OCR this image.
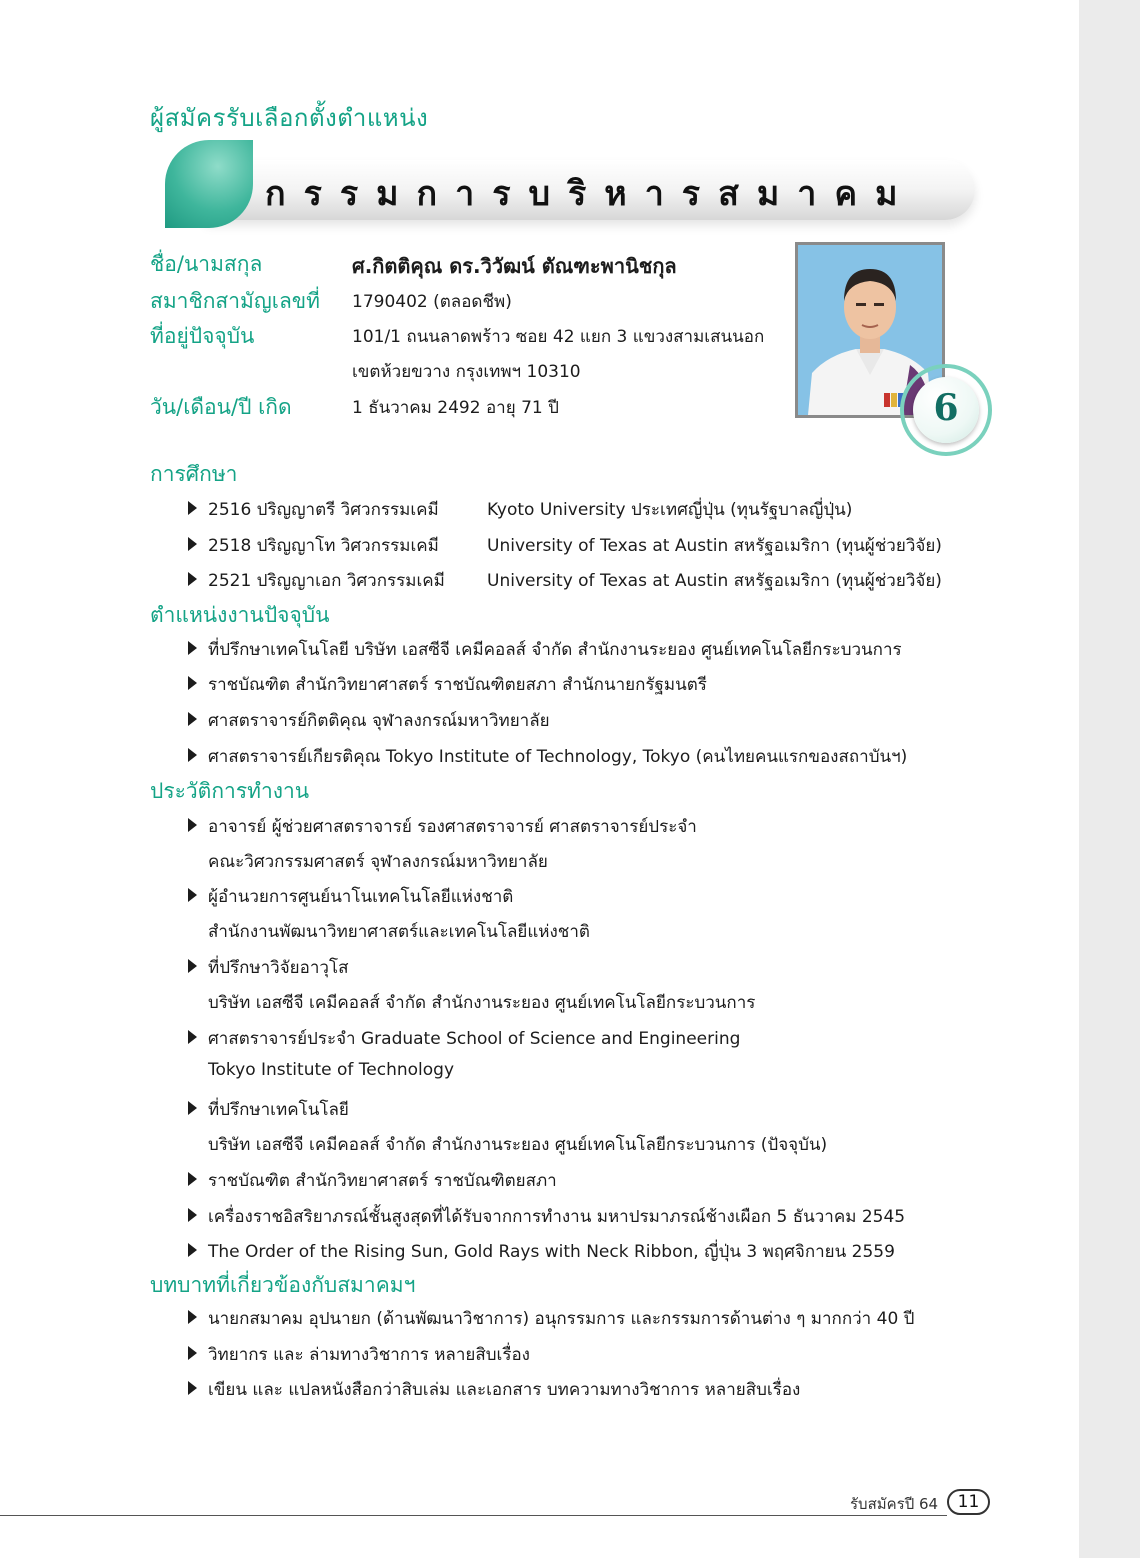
ผู้สมัครรับเลือกตั้งตำแหน่ง
กรรมการบริหารสมาคม
ชื่อ/นามสกุล	ศ.กิตติคุณ ดร.วิวัฒน์ ตัณฑะพานิชกุล
สมาชิกสามัญเลขที่ 1790402 (ตลอดชีพ)
ที่อยู่ปัจจุบัน	101/1 ถนนลาดพร้าว ซอย 42 แยก 3 แขวงสามเสนนอก
เขตห้วยขวาง กรุงเทพฯ 10310
วัน/เดือน/ปี เกิด	1 ธันวาคม 2492 อายุ 71 ปี	6
การศึกษา
2516 ปริญญาตรี วิศวกรรมเคมี	Kyoto University ประเทศญี่ปุ่น (ทุนรัฐบาลญี่ปุ่น)
2518 ปริญญาโท วิศวกรรมเคมี	University of Texas at Austin สหรัฐอเมริกา (ทุนผู้ช่วยวิจัย)
2521 ปริญญาเอก วิศวกรรมเคมี University of Texas at Austin สหรัฐอเมริกา (ทุนผู้ช่วยวิจัย)
ตำแหน่งงานปัจจุบัน
ที่ปรึกษาเทคโนโลยี บริษัท เอสซีจี เคมีคอลส์ จำกัด สำนักงานระยอง ศูนย์เทคโนโลยีกระบวนการ
ราชบัณฑิต สำนักวิทยาศาสตร์ ราชบัณฑิตยสภา สำนักนายกรัฐมนตรี
ศาสตราจารย์กิตติคุณ จุฬาลงกรณ์มหาวิทยาลัย
ศาสตราจารย์เกียรติคุณ Tokyo Institute of Technology, Tokyo (คนไทยคนแรกของสถาบันฯ)
ประวัติการทำงาน
อาจารย์ ผู้ช่วยศาสตราจารย์ รองศาสตราจารย์ ศาสตราจารย์ประจำ
คณะวิศวกรรมศาสตร์ จุฬาลงกรณ์มหาวิทยาลัย
ผู้อำนวยการศูนย์นาโนเทคโนโลยีแห่งชาติ
สำนักงานพัฒนาวิทยาศาสตร์และเทคโนโลยีแห่งชาติ
ที่ปรึกษาวิจัยอาวุโส
บริษัท เอสซีจี เคมีคอลส์ จำกัด สำนักงานระยอง ศูนย์เทคโนโลยีกระบวนการ
ศาสตราจารย์ประจำ Graduate School of Science and Engineering
Tokyo Institute of Technology
ที่ปรึกษาเทคโนโลยี
บริษัท เอสซีจี เคมีคอลส์ จำกัด สำนักงานระยอง ศูนย์เทคโนโลยีกระบวนการ (ปัจจุบัน)
ราชบัณฑิต สำนักวิทยาศาสตร์ ราชบัณฑิตยสภา
เครื่องราชอิสริยาภรณ์ชั้นสูงสุดที่ได้รับจากการทำงาน มหาปรมาภรณ์ช้างเผือก 5 ธันวาคม 2545
The Order of the Rising Sun, Gold Rays with Neck Ribbon, ญี่ปุ่น 3 พฤศจิกายน 2559
บทบาทที่เกี่ยวข้องกับสมาคมฯ
นายกสมาคม อุปนายก (ด้านพัฒนาวิชาการ) อนุกรรมการ และกรรมการด้านต่าง ๆ มากกว่า 40 ปี
วิทยากร และ ล่ามทางวิชาการ หลายสิบเรื่อง
เขียน และ แปลหนังสือกว่าสิบเล่ม และเอกสาร บทความทางวิชาการ หลายสิบเรื่อง
รับสมัครปี 64	11
